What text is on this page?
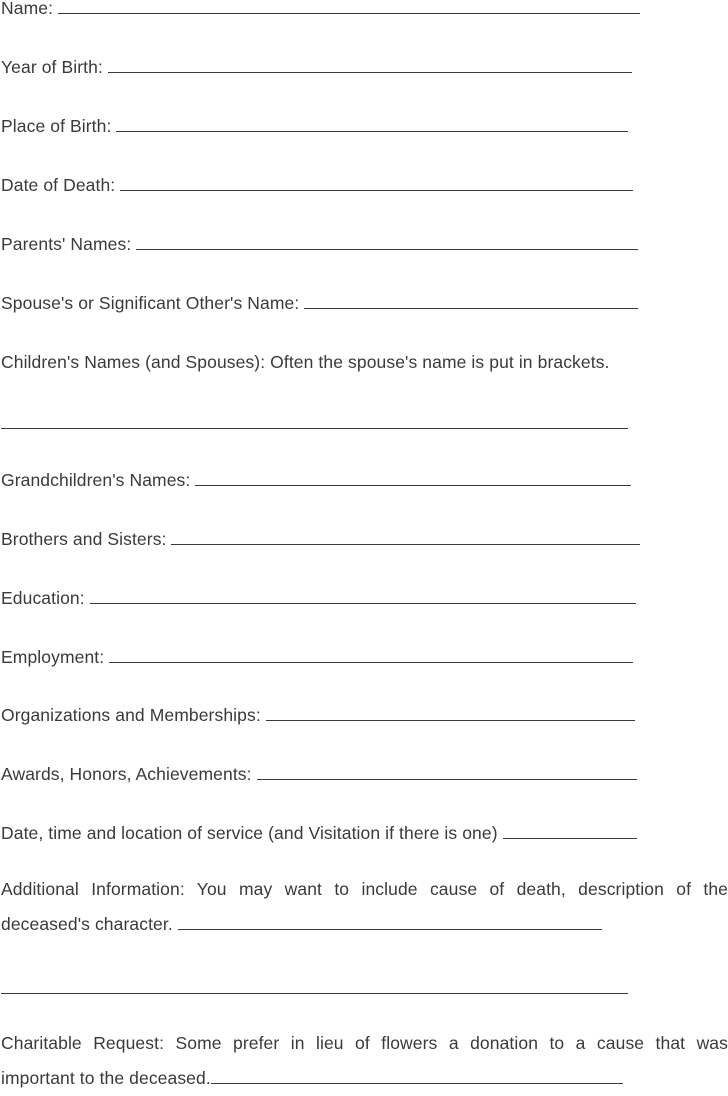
Name:
Year of Birth:
Place of Birth:
Date of Death:
Parents' Names:
Spouse's or Significant Other's Name:
Children's Names (and Spouses): Often the spouse's name is put in brackets.
Grandchildren's Names:
Brothers and Sisters:
Education:
Employment:
Organizations and Memberships:
Awards, Honors, Achievements:
Date, time and location of service (and Visitation if there is one)
Additional Information: You may want to include cause of death, description of the
deceased's character.
Charitable Request: Some prefer in lieu of flowers a donation to a cause that was
important to the deceased.
